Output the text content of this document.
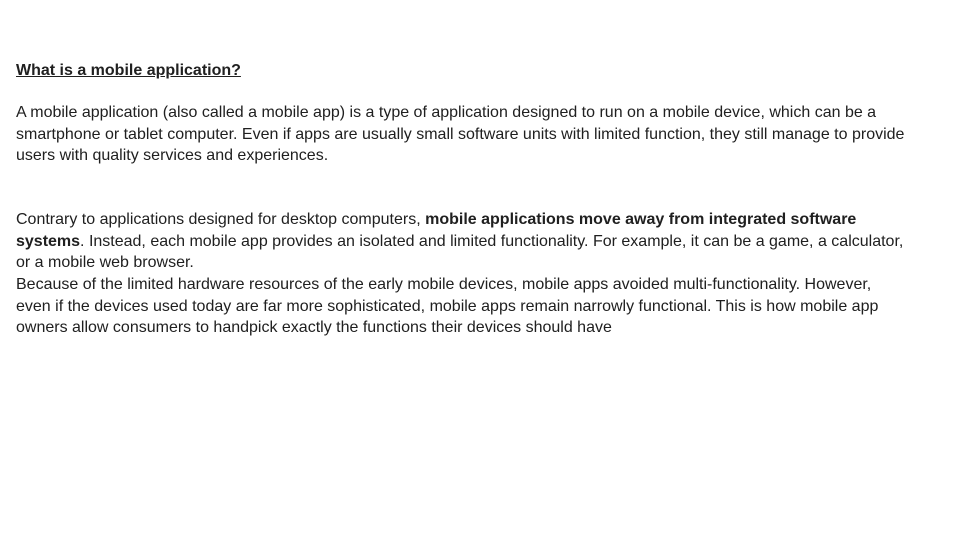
What is a mobile application?

A mobile application (also called a mobile app) is a type of application designed to run on a mobile device, which can be a smartphone or tablet computer. Even if apps are usually small software units with limited function, they still manage to provide users with quality services and experiences.

Contrary to applications designed for desktop computers, mobile applications move away from integrated software systems. Instead, each mobile app provides an isolated and limited functionality. For example, it can be a game, a calculator, or a mobile web browser.

Because of the limited hardware resources of the early mobile devices, mobile apps avoided multi-functionality. However, even if the devices used today are far more sophisticated, mobile apps remain narrowly functional. This is how mobile app owners allow consumers to handpick exactly the functions their devices should have
